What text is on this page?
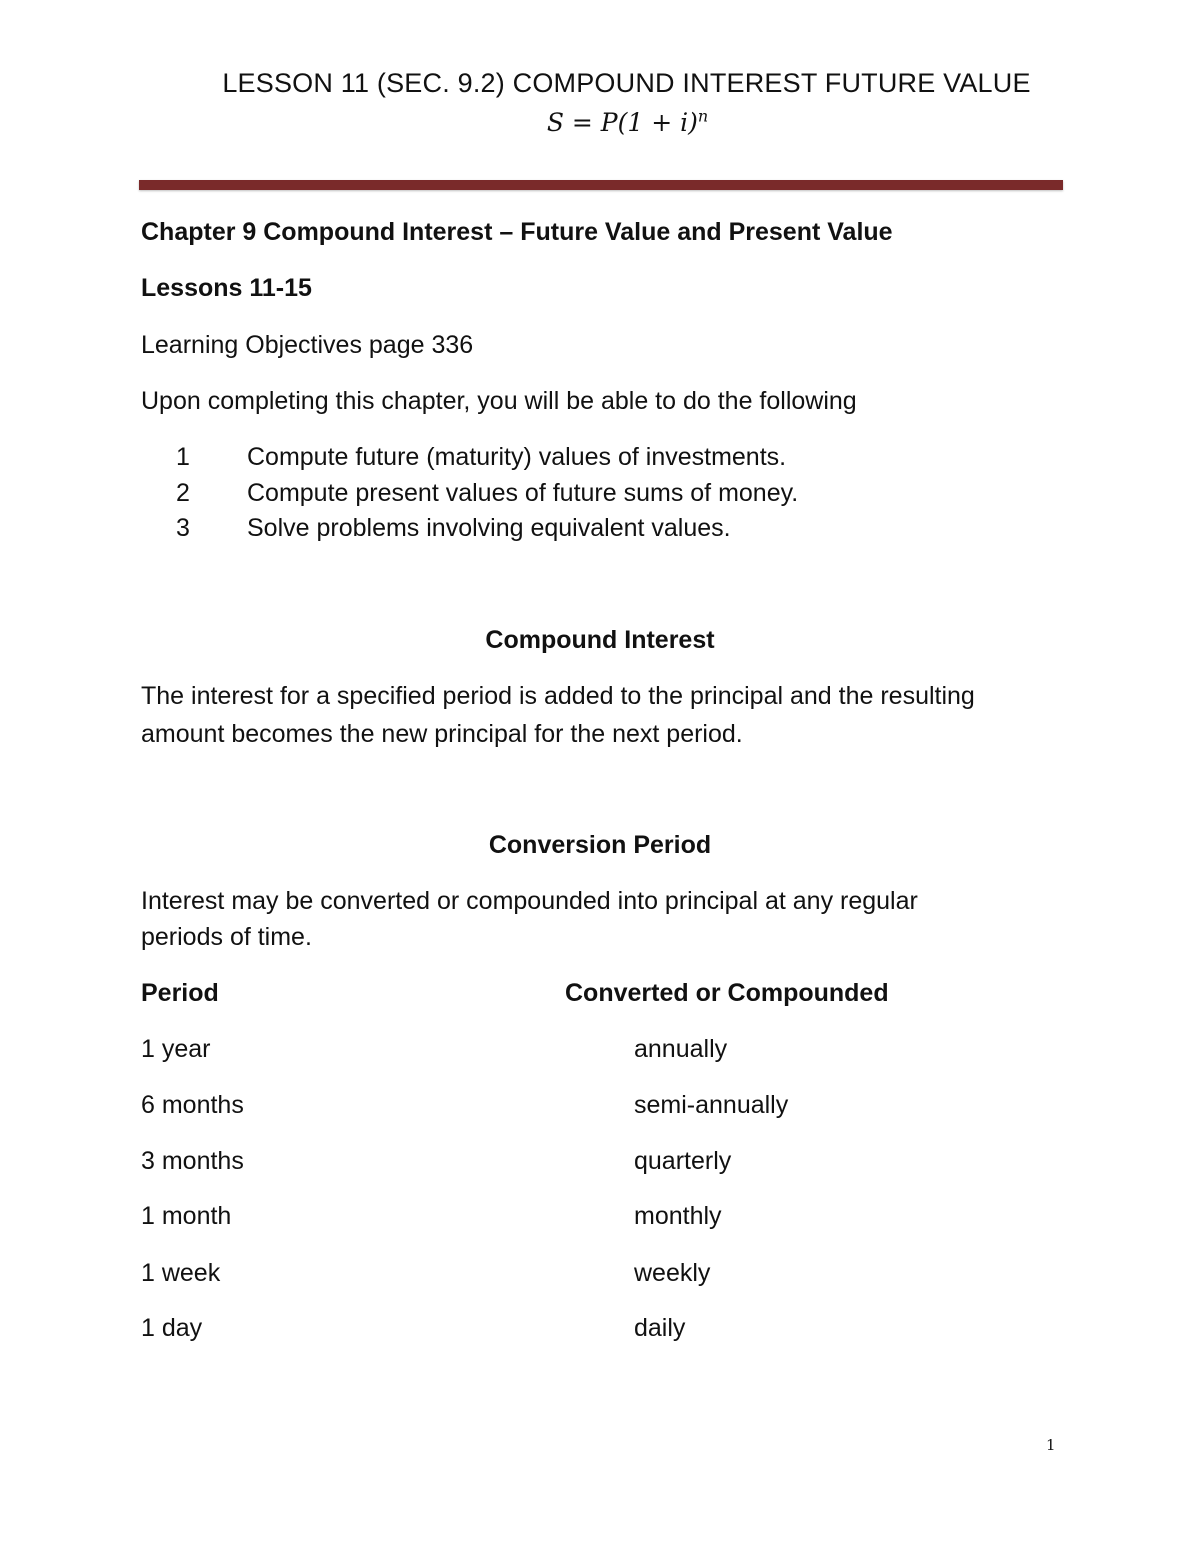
LESSON 11 (SEC. 9.2) COMPOUND INTEREST FUTURE VALUE
$S = P(1 + i)^n$
Chapter 9 Compound Interest – Future Value and Present Value
Lessons 11-15
Learning Objectives page 336
Upon completing this chapter, you will be able to do the following
1 Compute future (maturity) values of investments.
2 Compute present values of future sums of money.
3 Solve problems involving equivalent values.
Compound Interest
The interest for a specified period is added to the principal and the resulting
amount becomes the new principal for the next period.
Conversion Period
Interest may be converted or compounded into principal at any regular
periods of time.
Period	Converted or Compounded
1 year	annually
6 months	semi-annually
3 months	quarterly
1 month	monthly
1 week	weekly
1 day	daily
1
